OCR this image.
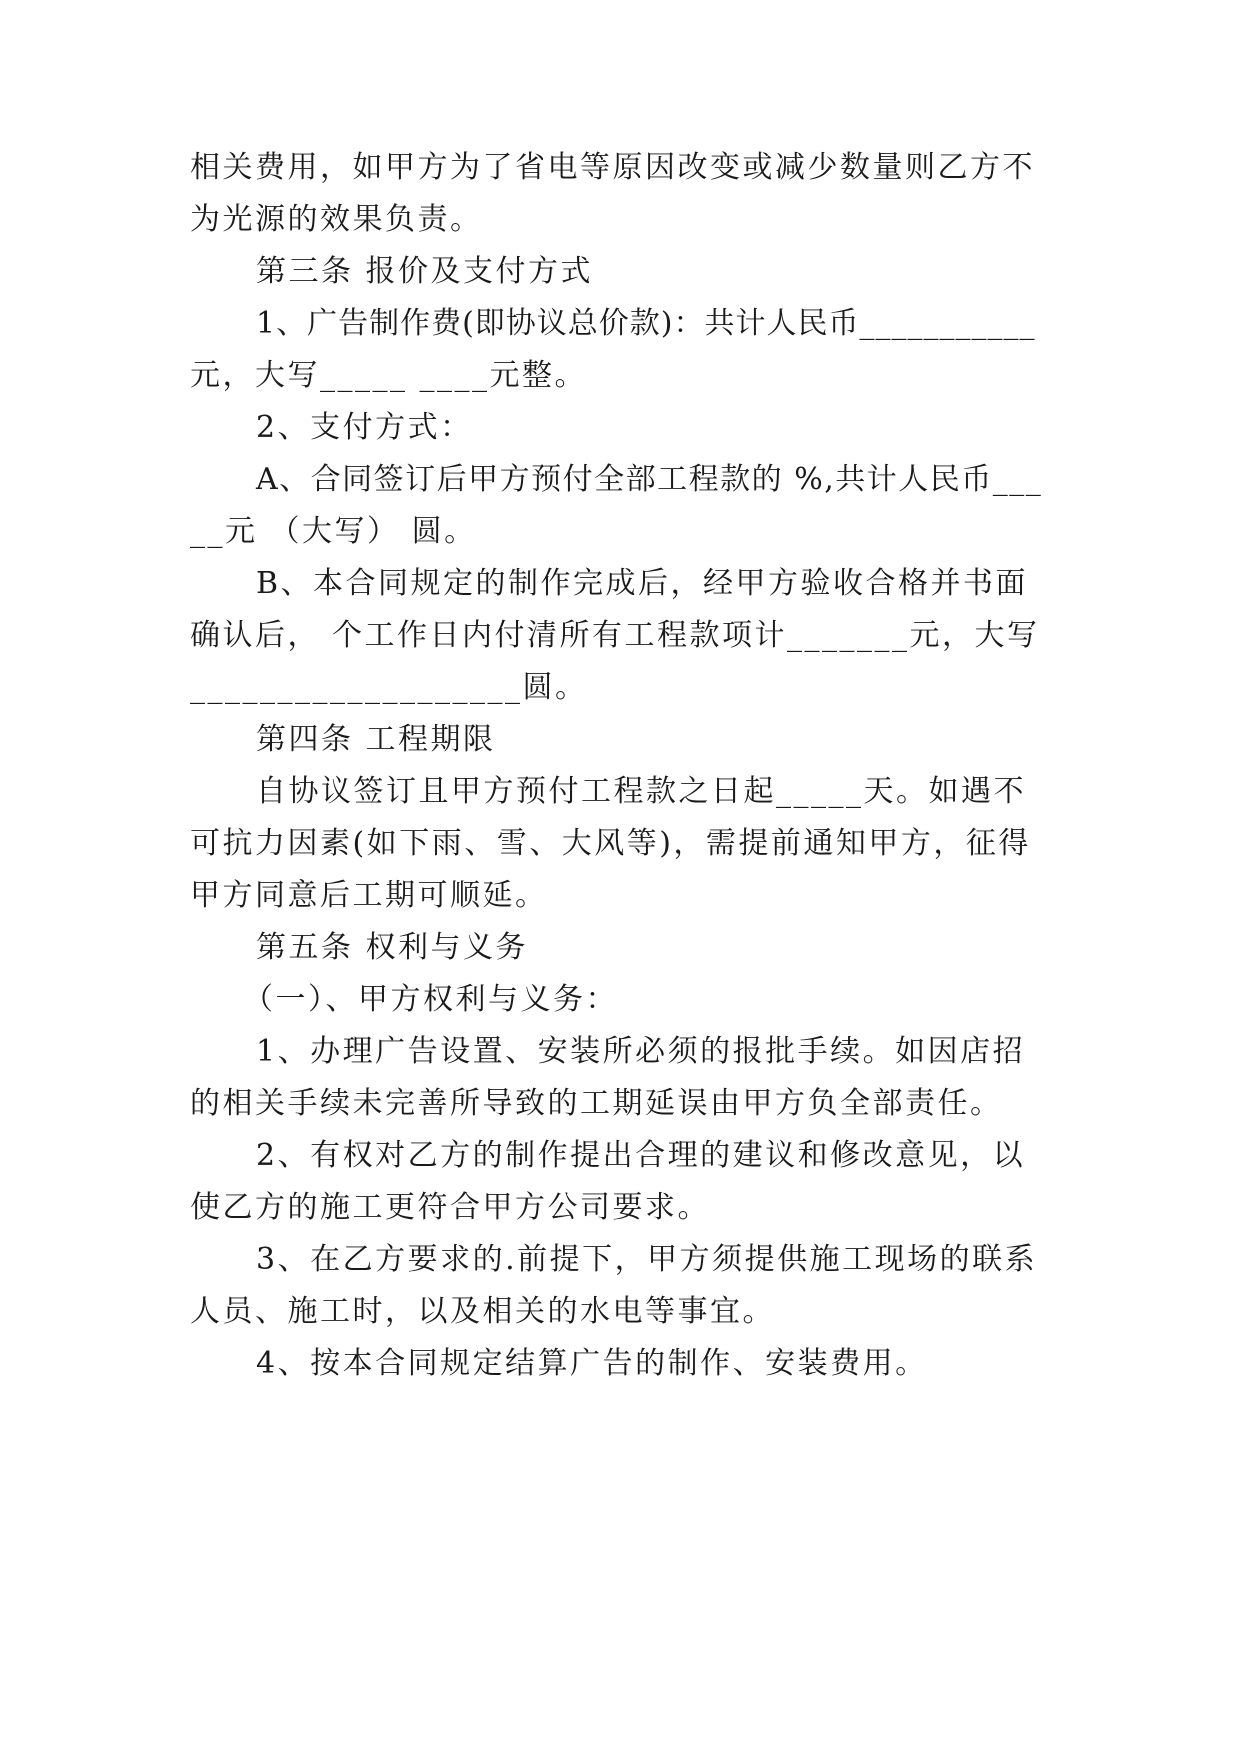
相关费用，如甲方为了省电等原因改变或减少数量则乙方不
为光源的效果负责。
第三条 报价及支付方式
1、广告制作费(即协议总价款)：共计人民币___________
元，大写_____ ____元整。
2、支付方式：
A、合同签订后甲方预付全部工程款的 %,共计人民币___
__元 （大写） 圆。
B、本合同规定的制作完成后，经甲方验收合格并书面
确认后， 个工作日内付清所有工程款项计_______元，大写
___________________圆。
第四条 工程期限
自协议签订且甲方预付工程款之日起_____天。如遇不
可抗力因素(如下雨、雪、大风等)，需提前通知甲方，征得
甲方同意后工期可顺延。
第五条 权利与义务
（一）、甲方权利与义务：
1、办理广告设置、安装所必须的报批手续。如因店招
的相关手续未完善所导致的工期延误由甲方负全部责任。
2、有权对乙方的制作提出合理的建议和修改意见，以
使乙方的施工更符合甲方公司要求。
3、在乙方要求的.前提下，甲方须提供施工现场的联系
人员、施工时，以及相关的水电等事宜。
4、按本合同规定结算广告的制作、安装费用。
